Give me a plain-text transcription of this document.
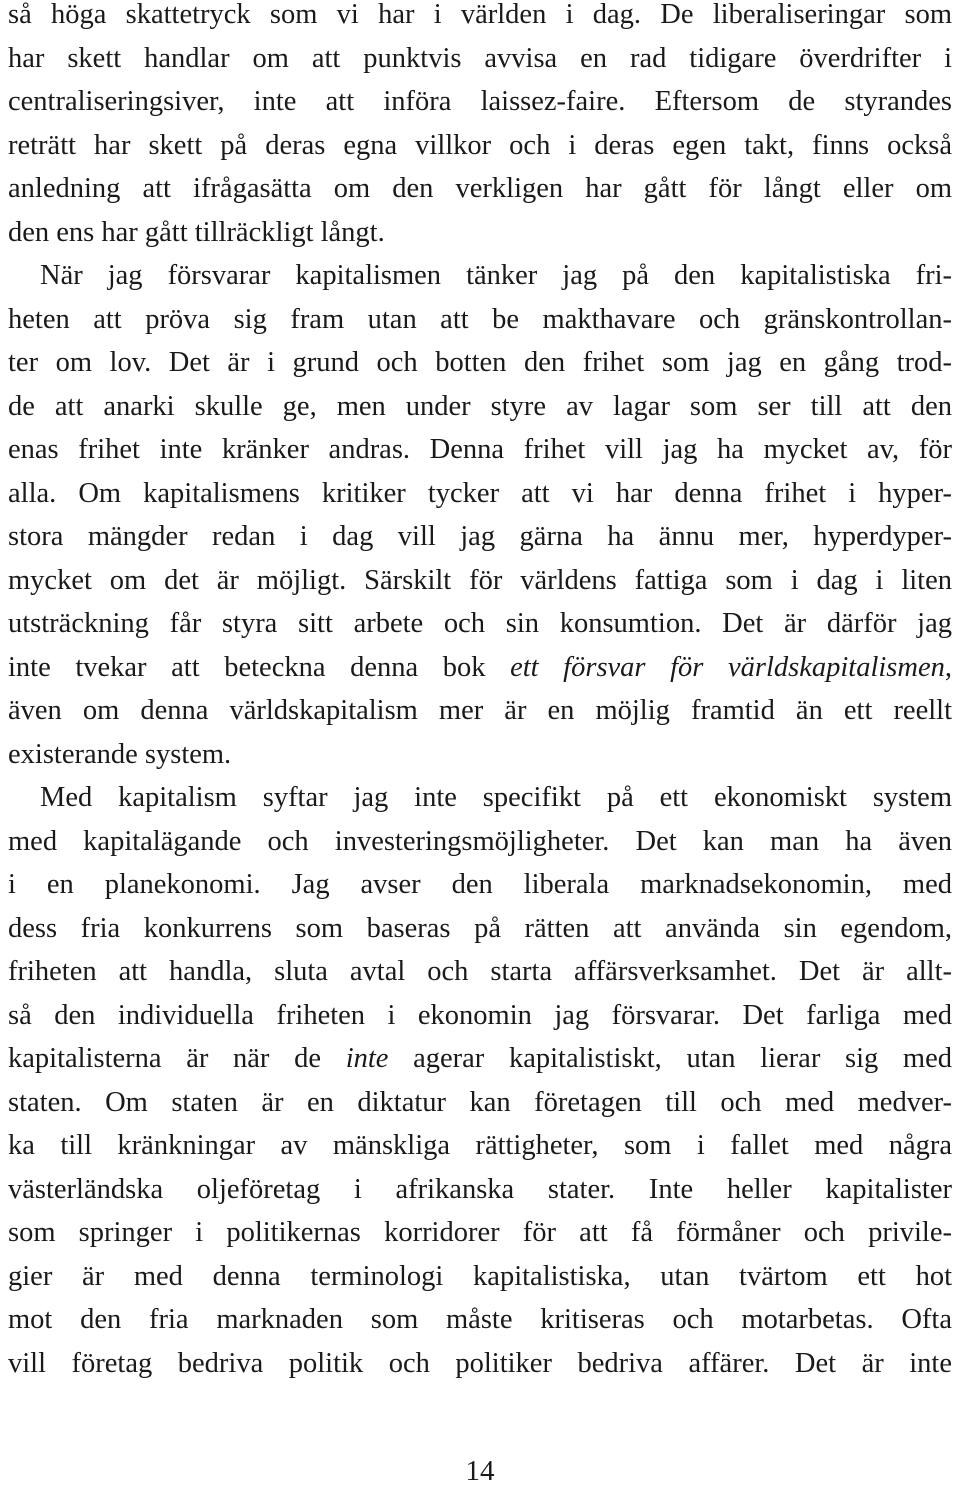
så höga skattetryck som vi har i världen i dag. De liberaliseringar som
har skett handlar om att punktvis avvisa en rad tidigare överdrifter i
centraliseringsiver, inte att införa laissez-faire. Eftersom de styrandes
reträtt har skett på deras egna villkor och i deras egen takt, finns också
anledning att ifrågasätta om den verkligen har gått för långt eller om
den ens har gått tillräckligt långt.
När jag försvarar kapitalismen tänker jag på den kapitalistiska fri-
heten att pröva sig fram utan att be makthavare och gränskontrollan-
ter om lov. Det är i grund och botten den frihet som jag en gång trod-
de att anarki skulle ge, men under styre av lagar som ser till att den
enas frihet inte kränker andras. Denna frihet vill jag ha mycket av, för
alla. Om kapitalismens kritiker tycker att vi har denna frihet i hyper-
stora mängder redan i dag vill jag gärna ha ännu mer, hyperdyper-
mycket om det är möjligt. Särskilt för världens fattiga som i dag i liten
utsträckning får styra sitt arbete och sin konsumtion. Det är därför jag
inte tvekar att beteckna denna bok ett försvar för världskapitalismen,
även om denna världskapitalism mer är en möjlig framtid än ett reellt
existerande system.
Med kapitalism syftar jag inte specifikt på ett ekonomiskt system
med kapitalägande och investeringsmöjligheter. Det kan man ha även
i en planekonomi. Jag avser den liberala marknadsekonomin, med
dess fria konkurrens som baseras på rätten att använda sin egendom,
friheten att handla, sluta avtal och starta affärsverksamhet. Det är allt-
så den individuella friheten i ekonomin jag försvarar. Det farliga med
kapitalisterna är när de inte agerar kapitalistiskt, utan lierar sig med
staten. Om staten är en diktatur kan företagen till och med medver-
ka till kränkningar av mänskliga rättigheter, som i fallet med några
västerländska oljeföretag i afrikanska stater. Inte heller kapitalister
som springer i politikernas korridorer för att få förmåner och privile-
gier är med denna terminologi kapitalistiska, utan tvärtom ett hot
mot den fria marknaden som måste kritiseras och motarbetas. Ofta
vill företag bedriva politik och politiker bedriva affärer. Det är inte
14
